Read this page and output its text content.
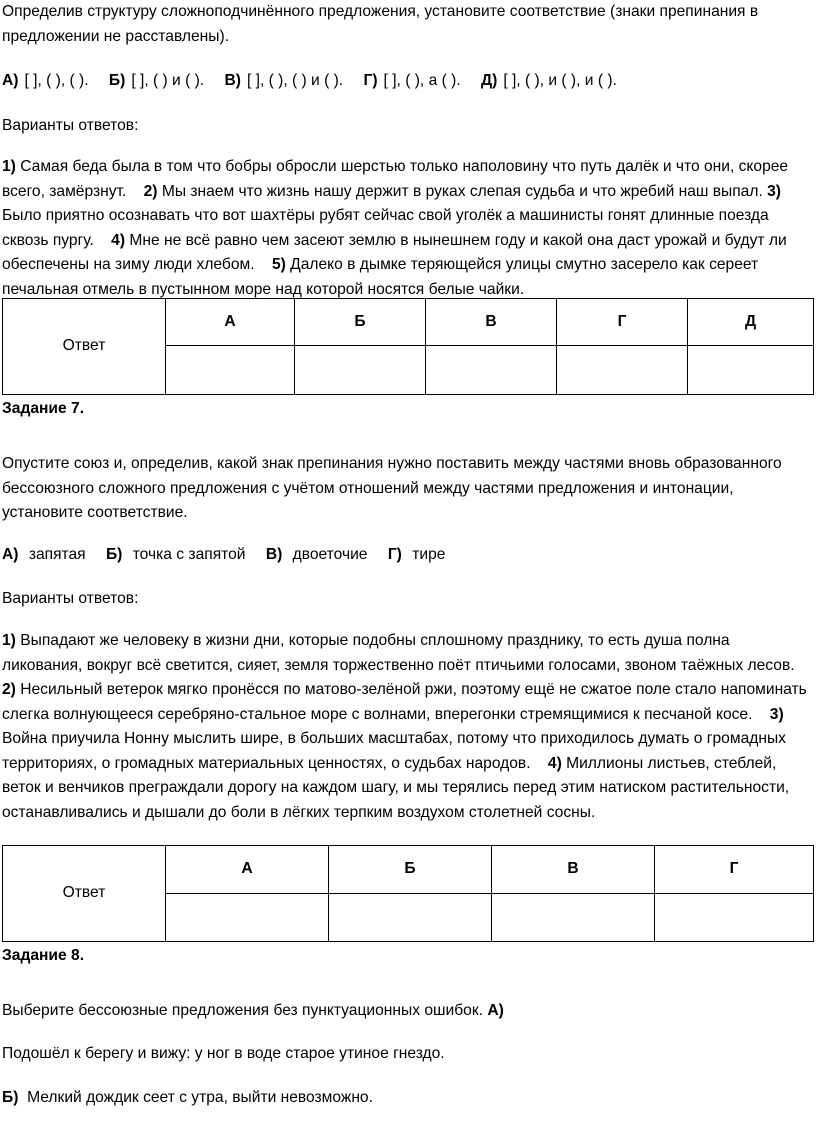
Определив структуру сложноподчинённого предложения, установите соответствие (знаки препинания в предложении не расставлены).

А) [ ], ( ), ( ). Б) [ ], ( ) и ( ). В) [ ], ( ), ( ) и ( ). Г) [ ], ( ), а ( ). Д) [ ], ( ), и ( ), и ( ).

Варианты ответов:

1) Самая беда была в том что бобры обросли шерстью только наполовину что путь далёк и что они, скорее всего, замёрзнут. 2) Мы знаем что жизнь нашу держит в руках слепая судьба и что жребий наш выпал. 3) Было приятно осознавать что вот шахтёры рубят сейчас свой уголёк а машинисты гонят длинные поезда сквозь пургу. 4) Мне не всё равно чем засеют землю в нынешнем году и какой она даст урожай и будут ли обеспечены на зиму люди хлебом. 5) Далеко в дымке теряющейся улицы смутно засерело как сереет печальная отмель в пустынном море над которой носятся белые чайки.

Ответ	А	Б	В	Г	Д

Задание 7.

Опустите союз и, определив, какой знак препинания нужно поставить между частями вновь образованного бессоюзного сложного предложения с учётом отношений между частями предложения и интонации, установите соответствие.

А) запятая Б) точка с запятой В) двоеточие Г) тире

Варианты ответов:

1) Выпадают же человеку в жизни дни, которые подобны сплошному празднику, то есть душа полна ликования, вокруг всё светится, сияет, земля торжественно поёт птичьими голосами, звоном таёжных лесов.    2) Несильный ветерок мягко пронёсся по матово-зелёной ржи, поэтому ещё не сжатое поле стало напоминать слегка волнующееся серебряно-стальное море с волнами, вперегонки стремящимися к песчаной косе. 3) Война приучила Нонну мыслить шире, в больших масштабах, потому что приходилось думать о громадных территориях, о громадных материальных ценностях, о судьбах народов. 4) Миллионы листьев, стеблей, веток и венчиков преграждали дорогу на каждом шагу, и мы терялись перед этим натиском растительности, останавливались и дышали до боли в лёгких терпким воздухом столетней сосны.

Ответ	А	Б	В	Г

Задание 8.

Выберите бессоюзные предложения без пунктуационных ошибок. А)

Подошёл к берегу и вижу: у ног в воде старое утиное гнездо.

Б) Мелкий дождик сеет с утра, выйти невозможно.
